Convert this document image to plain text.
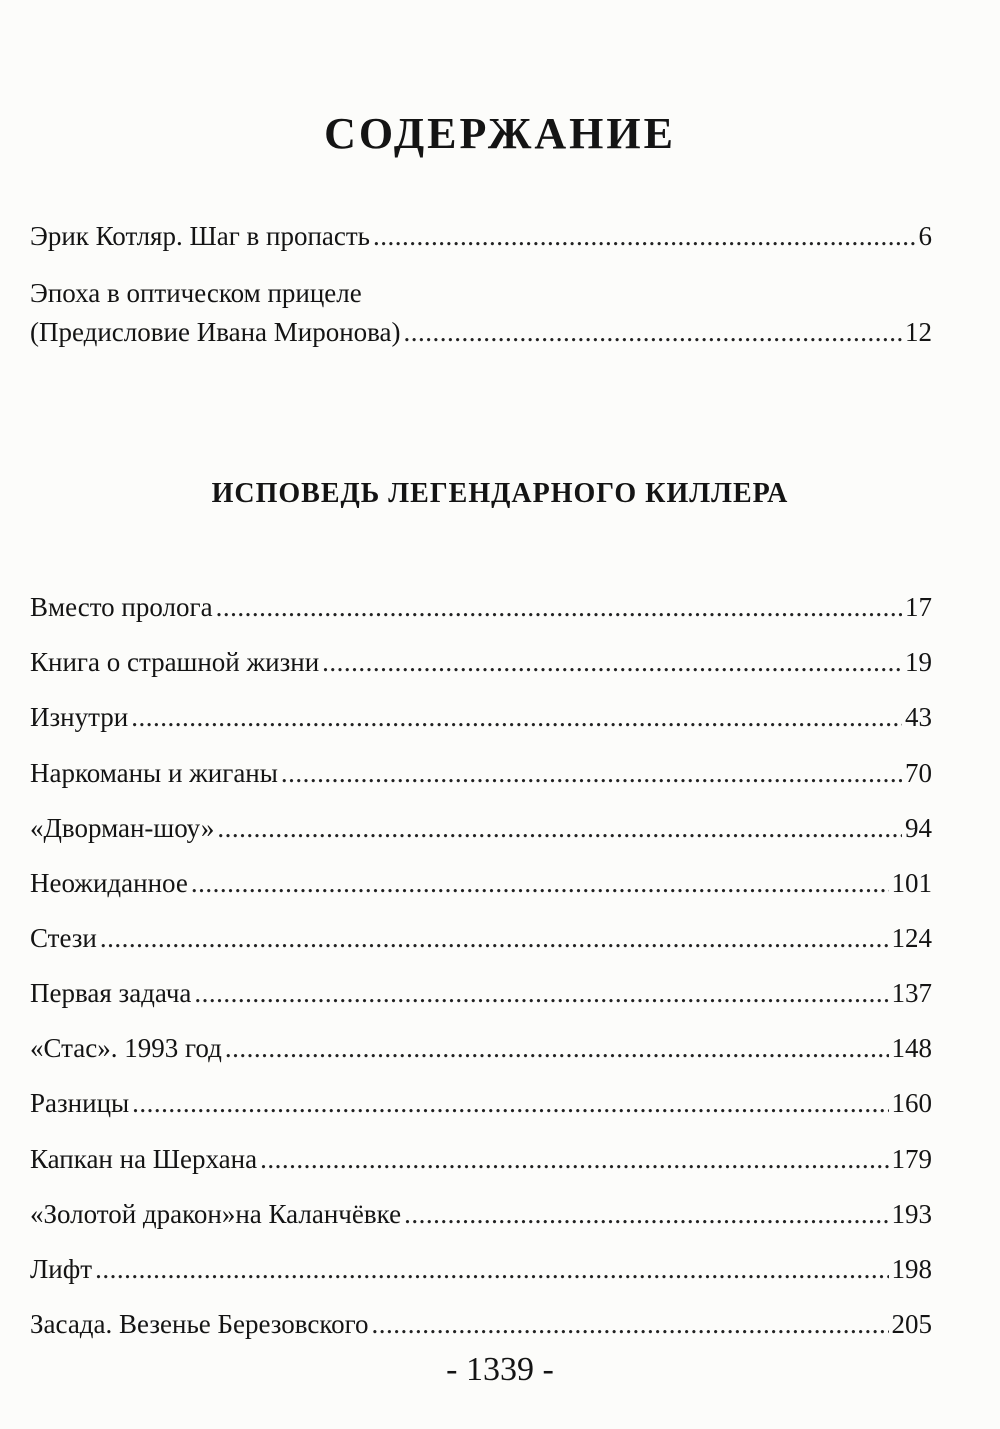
СОДЕРЖАНИЕ
Эрик Котляр. Шаг в пропасть .....	6
Эпоха в оптическом прицеле
(Предисловие Ивана Миронова) .....	12
ИСПОВЕДЬ ЛЕГЕНДАРНОГО КИЛЛЕРА
Вместо пролога .....	17
Книга о страшной жизни .....	19
Изнутри .....	43
Наркоманы и жиганы .....	70
«Дворман-шоу» .....	94
Неожиданное .....	101
Стези .....	124
Первая задача .....	137
«Стас». 1993 год .....	148
Разницы .....	160
Капкан на Шерхана .....	179
«Золотой дракон»на Каланчёвке .....	193
Лифт .....	198
Засада. Везенье Березовского .....	205
- 1339 -
